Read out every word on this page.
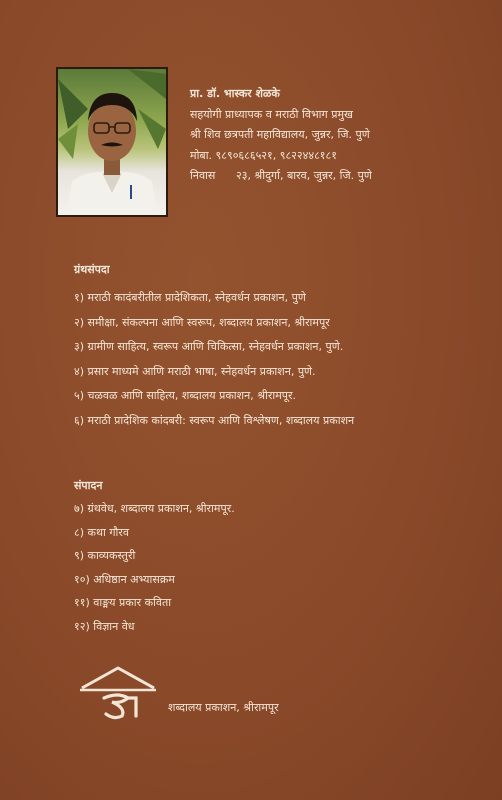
प्रा. डॉ. भास्कर शेळके
सहयोगी प्राध्यापक व मराठी विभाग प्रमुख
श्री शिव छत्रपती महाविद्यालय, जुन्नर, जि. पुणे
मोबा. ९८९०६८६५२१, ९८२२४४८१८१
निवास २३, श्रीदुर्गा, बारव, जुन्नर, जि. पुणे
ग्रंथसंपदा
१) मराठी कादंबरीतील प्रादेशिकता, स्नेहवर्धन प्रकाशन, पुणे
२) समीक्षा, संकल्पना आणि स्वरूप, शब्दालय प्रकाशन, श्रीरामपूर
३) ग्रामीण साहित्य, स्वरूप आणि चिकित्सा, स्नेहवर्धन प्रकाशन, पुणे.
४) प्रसार माध्यमे आणि मराठी भाषा, स्नेहवर्धन प्रकाशन, पुणे.
५) चळवळ आणि साहित्य, शब्दालय प्रकाशन, श्रीरामपूर.
६) मराठी प्रादेशिक कांदबरी: स्वरूप आणि विश्लेषण, शब्दालय प्रकाशन
संपादन
७) ग्रंथवेध, शब्दालय प्रकाशन, श्रीरामपूर.
८) कथा गौरव
९) काव्यकस्तुरी
१०) अधिष्ठान अभ्यासक्रम
११) वाङ्मय प्रकार कविता
१२) विज्ञान वेध
शब्दालय प्रकाशन, श्रीरामपूर
